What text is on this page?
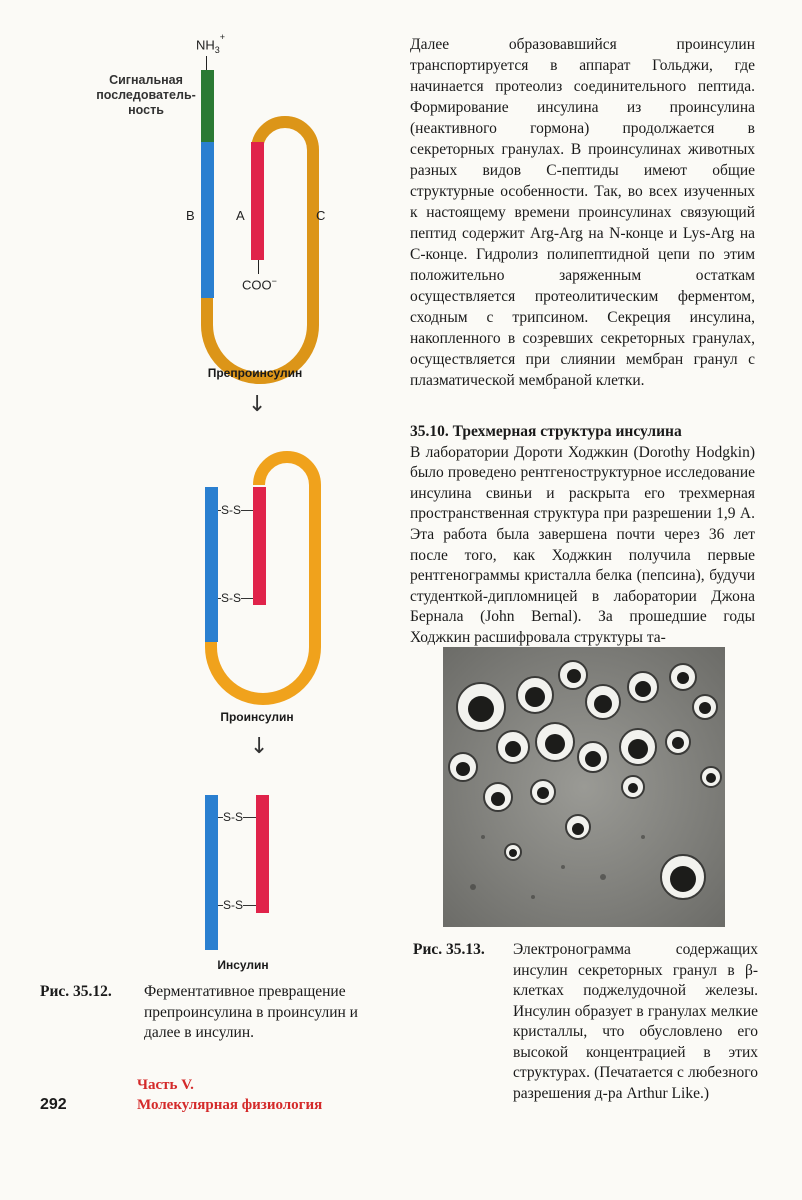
$NH_3^+$
Сигнальная последователь-ность
B	A	C
COO−
Препроинсулин
↓
S-S
S-S
Проинсулин
↓
S-S
S-S
Инсулин
Далее образовавшийся проинсулин транспортируется в аппарат Гольджи, где начинается протеолиз соединительного пептида. Формирование инсулина из проинсулина (неактивного гормона) продолжается в секреторных гранулах. В проинсулинах животных разных видов С-пептиды имеют общие структурные особенности. Так, во всех изученных к настоящему времени проинсулинах связующий пептид содержит Arg-Arg на N-конце и Lys-Arg на С-конце. Гидролиз полипептидной цепи по этим положительно заряженным остаткам осуществляется протеолитическим ферментом, сходным с трипсином. Секреция инсулина, накопленного в созревших секреторных гранулах, осуществляется при слиянии мембран гранул с плазматической мембраной клетки.
35.10. Трехмерная структура инсулина
В лаборатории Дороти Ходжкин (Dorothy Hodgkin) было проведено рентгеноструктурное исследование инсулина свиньи и раскрыта его трехмерная пространственная структура при разрешении 1,9 А. Эта работа была завершена почти через 36 лет после того, как Ходжкин получила первые рентгенограммы кристалла белка (пепсина), будучи студенткой-дипломницей в лаборатории Джона Бернала (John Bernal). За прошедшие годы Ходжкин расшифровала структуры та-
Рис. 35.12. Ферментативное превращение препроинсулина в проинсулин и далее в инсулин.
Рис. 35.13. Электронограмма содержащих инсулин секреторных гранул в β-клетках поджелудочной железы. Инсулин образует в гранулах мелкие кристаллы, что обусловлено его высокой концентрацией в этих структурах. (Печатается с любезного разрешения д-ра Arthur Like.)
292
Часть V.
Молекулярная физиология
